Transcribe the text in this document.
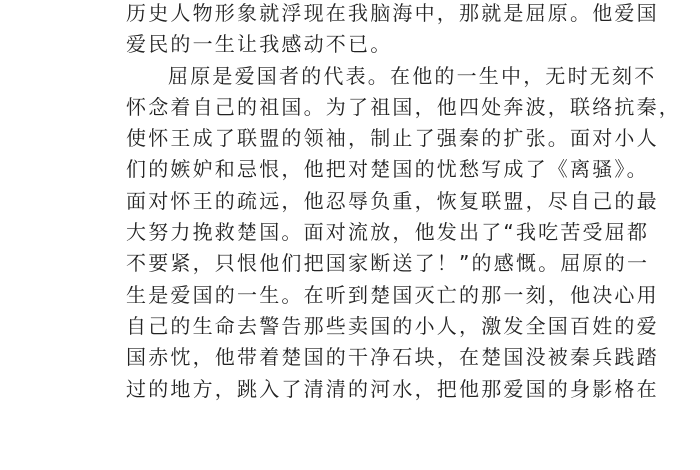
历史人物形象就浮现在我脑海中，那就是屈原。他爱国
爱民的一生让我感动不已。
屈原是爱国者的代表。在他的一生中，无时无刻不
怀念着自己的祖国。为了祖国，他四处奔波，联络抗秦，
使怀王成了联盟的领袖，制止了强秦的扩张。面对小人
们的嫉妒和忌恨，他把对楚国的忧愁写成了《离骚》。
面对怀王的疏远，他忍辱负重，恢复联盟，尽自己的最
大努力挽救楚国。面对流放，他发出了“我吃苦受屈都
不要紧，只恨他们把国家断送了！”的感慨。屈原的一
生是爱国的一生。在听到楚国灭亡的那一刻，他决心用
自己的生命去警告那些卖国的小人，激发全国百姓的爱
国赤忱，他带着楚国的干净石块，在楚国没被秦兵践踏
过的地方，跳入了清清的河水，把他那爱国的身影格在
